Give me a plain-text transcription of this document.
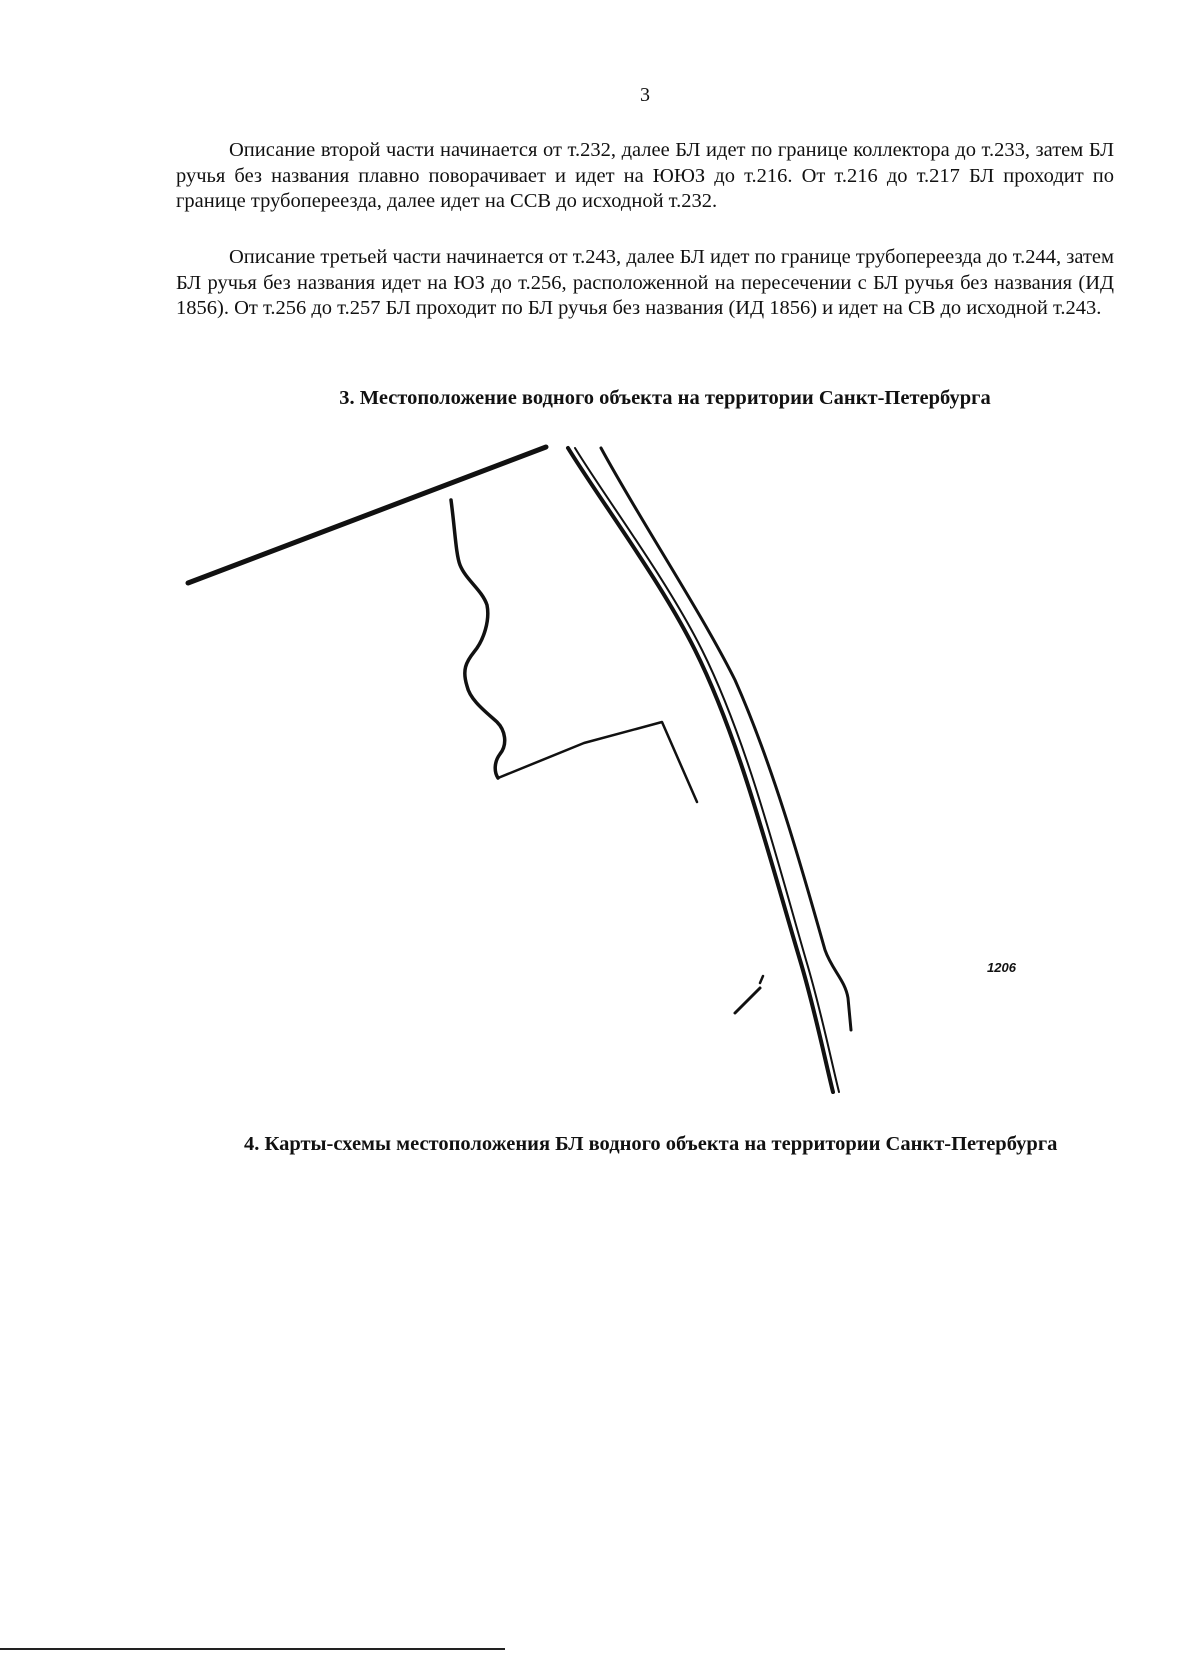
3

Описание второй части начинается от т.232, далее БЛ идет по границе коллектора до т.233, затем БЛ ручья без названия плавно поворачивает и идет на ЮЮЗ до т.216. От т.216 до т.217 БЛ проходит по границе трубопереезда, далее идет на ССВ до исходной т.232.

Описание третьей части начинается от т.243, далее БЛ идет по границе трубопереезда до т.244, затем БЛ ручья без названия идет на ЮЗ до т.256, расположенной на пересечении с БЛ ручья без названия (ИД 1856). От т.256 до т.257 БЛ проходит по БЛ ручья без названия (ИД 1856) и идет на СВ до исходной т.243.

3. Местоположение водного объекта на территории Санкт-Петербурга
1206
4. Карты-схемы местоположения БЛ водного объекта на территории Санкт-Петербурга
